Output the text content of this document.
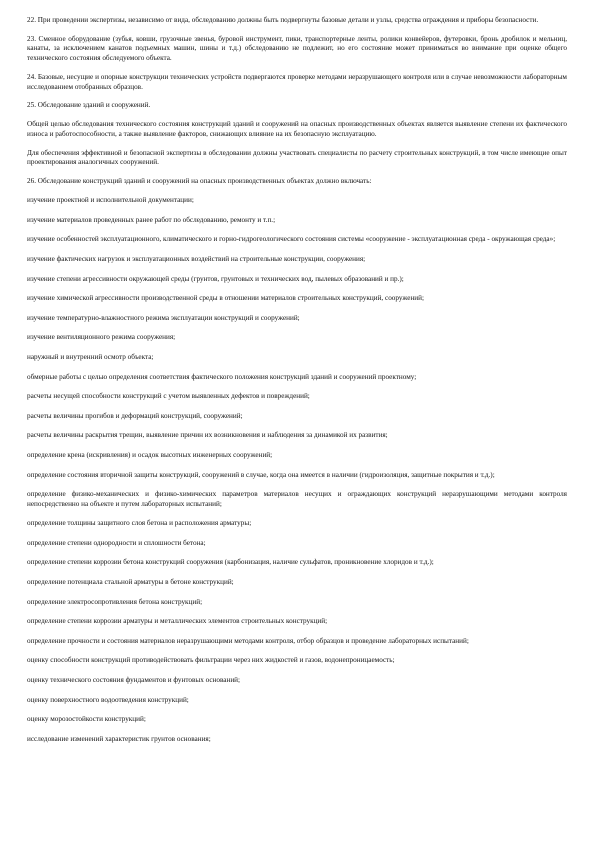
22. При проведении экспертизы, независимо от вида, обследованию должны быть подвергнуты базовые детали и узлы, средства ограждения и приборы безопасности.

23. Сменное оборудование (зубья, ковши, грузочные звенья, буровой инструмент, пики, транспортерные ленты, ролики конвейеров, футеровки, бронь дробилок и мельниц, канаты, за исключением канатов подъемных машин, шины и т.д.) обследованию не подлежит, но его состояние может приниматься во внимание при оценке общего технического состояния обследуемого объекта.

24. Базовые, несущие и опорные конструкции технических устройств подвергаются проверке методами неразрушающего контроля или в случае невозможности лабораторным исследованием отобранных образцов.

25. Обследование зданий и сооружений.

Общей целью обследования технического состояния конструкций зданий и сооружений на опасных производственных объектах является выявление степени их фактического износа и работоспособности, а также выявление факторов, снижающих влияние на их безопасную эксплуатацию.

Для обеспечения эффективной и безопасной экспертизы в обследовании должны участвовать специалисты по расчету строительных конструкций, в том числе имеющие опыт проектирования аналогичных сооружений.

26. Обследование конструкций зданий и сооружений на опасных производственных объектах должно включать:

изучение проектной и исполнительной документации;

изучение материалов проведенных ранее работ по обследованию, ремонту и т.п.;

изучение особенностей эксплуатационного, климатического и горно-гидрогеологического состояния системы «сооружение - эксплуатационная среда - окружающая среда»;

изучение фактических нагрузок и эксплуатационных воздействий на строительные конструкции, сооружения;

изучение степени агрессивности окружающей среды (грунтов, грунтовых и технических вод, пылевых образований и пр.);

изучение химической агрессивности производственной среды в отношении материалов строительных конструкций, сооружений;

изучение температурно-влажностного режима эксплуатации конструкций и сооружений;

изучение вентиляционного режима сооружения;

наружный и внутренний осмотр объекта;

обмерные работы с целью определения соответствия фактического положения конструкций зданий и сооружений проектному;

расчеты несущей способности конструкций с учетом выявленных дефектов и повреждений;

расчеты величины прогибов и деформаций конструкций, сооружений;

расчеты величины раскрытия трещин, выявление причин их возникновения и наблюдения за динамикой их развития;

определение крена (искривления) и осадок высотных инженерных сооружений;

определение состояния вторичной защиты конструкций, сооружений в случае, когда она имеется в наличии (гидроизоляция, защитные покрытия и т.д.);

определение физико-механических и физико-химических параметров материалов несущих и ограждающих конструкций неразрушающими методами контроля непосредственно на объекте и путем лабораторных испытаний;

определение толщины защитного слоя бетона и расположения арматуры;

определение степени однородности и сплошности бетона;

определение степени коррозии бетона конструкций сооружения (карбонизация, наличие сульфатов, проникновение хлоридов и т.д.);

определение потенциала стальной арматуры в бетоне конструкций;

определение электросопротивления бетона конструкций;

определение степени коррозии арматуры и металлических элементов строительных конструкций;

определение прочности и состояния материалов неразрушающими методами контроля, отбор образцов и проведение лабораторных испытаний;

оценку способности конструкций противодействовать фильтрации через них жидкостей и газов, водонепроницаемость;

оценку технического состояния фундаментов и фунтовых оснований;

оценку поверхностного водоотведения конструкций;

оценку морозостойкости конструкций;

исследование изменений характеристик грунтов основания;
